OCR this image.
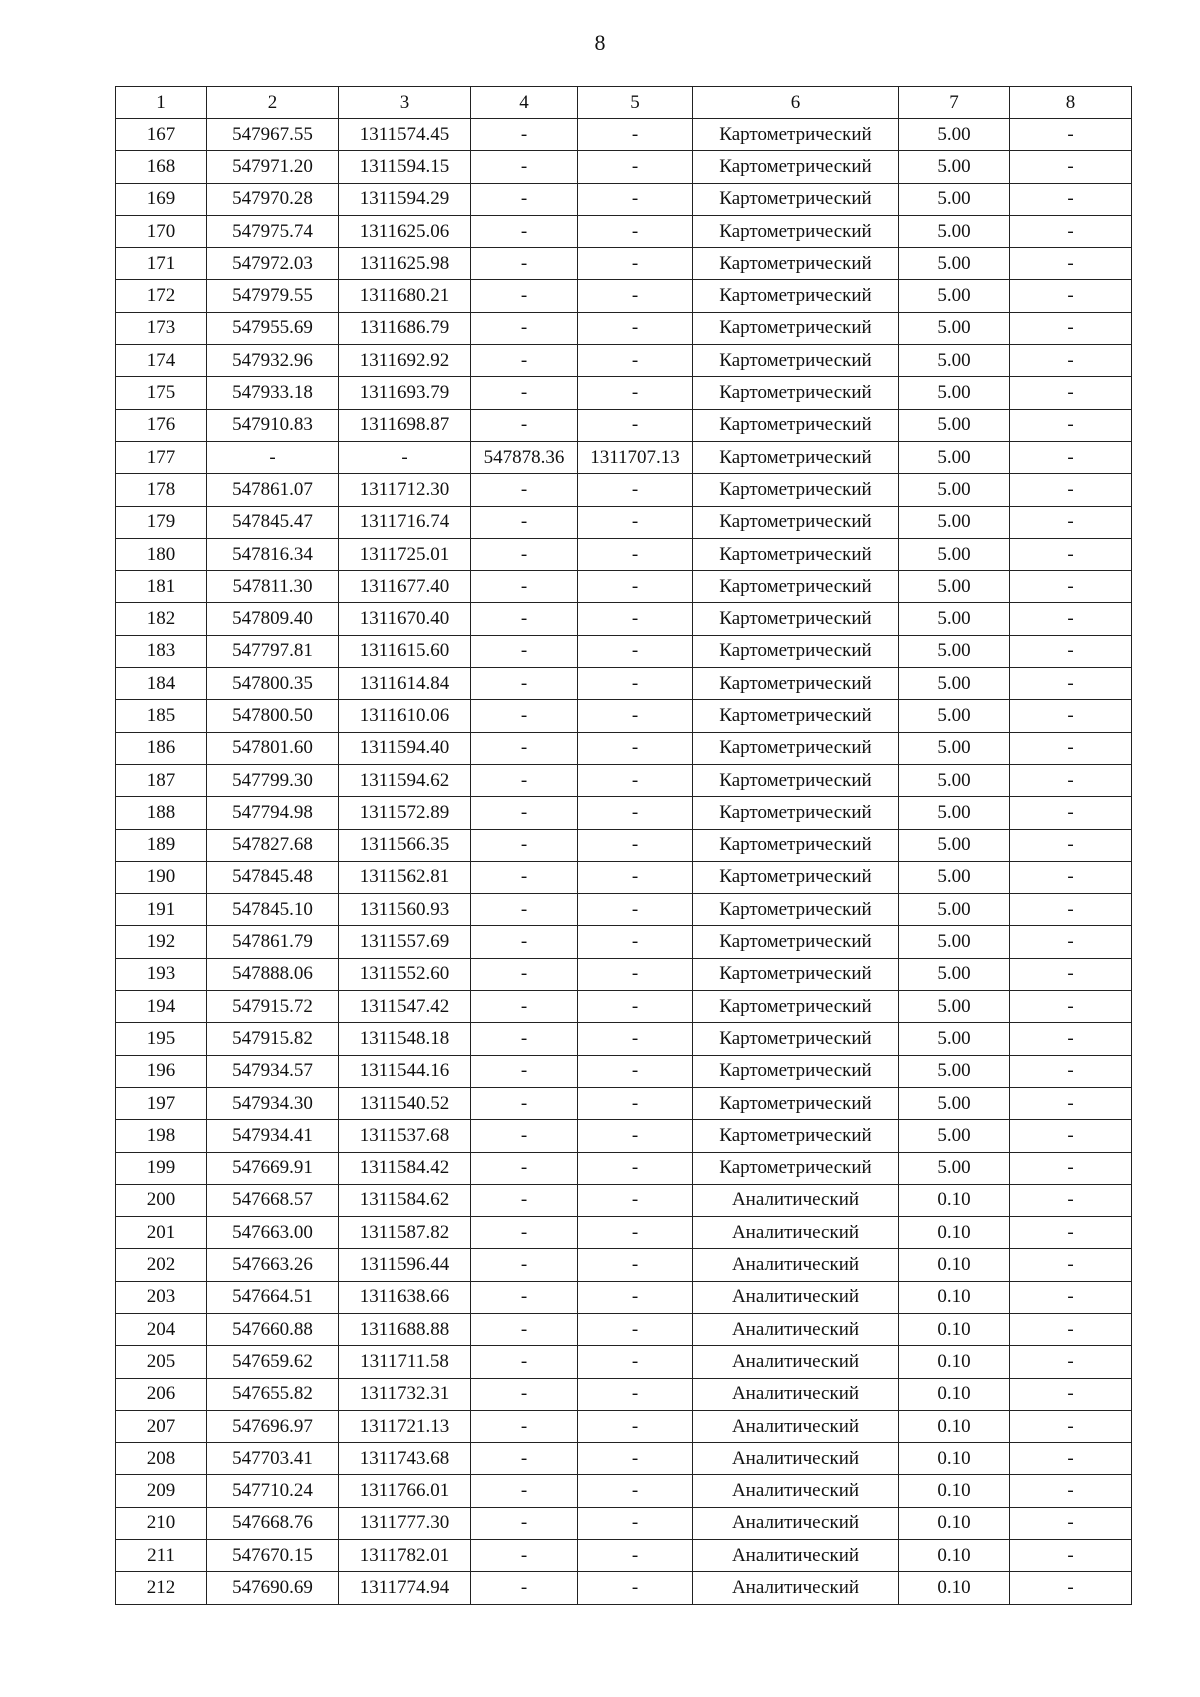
8
1	2	3	4	5	6	7	8
167	547967.55	1311574.45	-	-	Картометрический	5.00	-
168	547971.20	1311594.15	-	-	Картометрический	5.00	-
169	547970.28	1311594.29	-	-	Картометрический	5.00	-
170	547975.74	1311625.06	-	-	Картометрический	5.00	-
171	547972.03	1311625.98	-	-	Картометрический	5.00	-
172	547979.55	1311680.21	-	-	Картометрический	5.00	-
173	547955.69	1311686.79	-	-	Картометрический	5.00	-
174	547932.96	1311692.92	-	-	Картометрический	5.00	-
175	547933.18	1311693.79	-	-	Картометрический	5.00	-
176	547910.83	1311698.87	-	-	Картометрический	5.00	-
177	-	-	547878.36	1311707.13	Картометрический	5.00	-
178	547861.07	1311712.30	-	-	Картометрический	5.00	-
179	547845.47	1311716.74	-	-	Картометрический	5.00	-
180	547816.34	1311725.01	-	-	Картометрический	5.00	-
181	547811.30	1311677.40	-	-	Картометрический	5.00	-
182	547809.40	1311670.40	-	-	Картометрический	5.00	-
183	547797.81	1311615.60	-	-	Картометрический	5.00	-
184	547800.35	1311614.84	-	-	Картометрический	5.00	-
185	547800.50	1311610.06	-	-	Картометрический	5.00	-
186	547801.60	1311594.40	-	-	Картометрический	5.00	-
187	547799.30	1311594.62	-	-	Картометрический	5.00	-
188	547794.98	1311572.89	-	-	Картометрический	5.00	-
189	547827.68	1311566.35	-	-	Картометрический	5.00	-
190	547845.48	1311562.81	-	-	Картометрический	5.00	-
191	547845.10	1311560.93	-	-	Картометрический	5.00	-
192	547861.79	1311557.69	-	-	Картометрический	5.00	-
193	547888.06	1311552.60	-	-	Картометрический	5.00	-
194	547915.72	1311547.42	-	-	Картометрический	5.00	-
195	547915.82	1311548.18	-	-	Картометрический	5.00	-
196	547934.57	1311544.16	-	-	Картометрический	5.00	-
197	547934.30	1311540.52	-	-	Картометрический	5.00	-
198	547934.41	1311537.68	-	-	Картометрический	5.00	-
199	547669.91	1311584.42	-	-	Картометрический	5.00	-
200	547668.57	1311584.62	-	-	Аналитический	0.10	-
201	547663.00	1311587.82	-	-	Аналитический	0.10	-
202	547663.26	1311596.44	-	-	Аналитический	0.10	-
203	547664.51	1311638.66	-	-	Аналитический	0.10	-
204	547660.88	1311688.88	-	-	Аналитический	0.10	-
205	547659.62	1311711.58	-	-	Аналитический	0.10	-
206	547655.82	1311732.31	-	-	Аналитический	0.10	-
207	547696.97	1311721.13	-	-	Аналитический	0.10	-
208	547703.41	1311743.68	-	-	Аналитический	0.10	-
209	547710.24	1311766.01	-	-	Аналитический	0.10	-
210	547668.76	1311777.30	-	-	Аналитический	0.10	-
211	547670.15	1311782.01	-	-	Аналитический	0.10	-
212	547690.69	1311774.94	-	-	Аналитический	0.10	-
